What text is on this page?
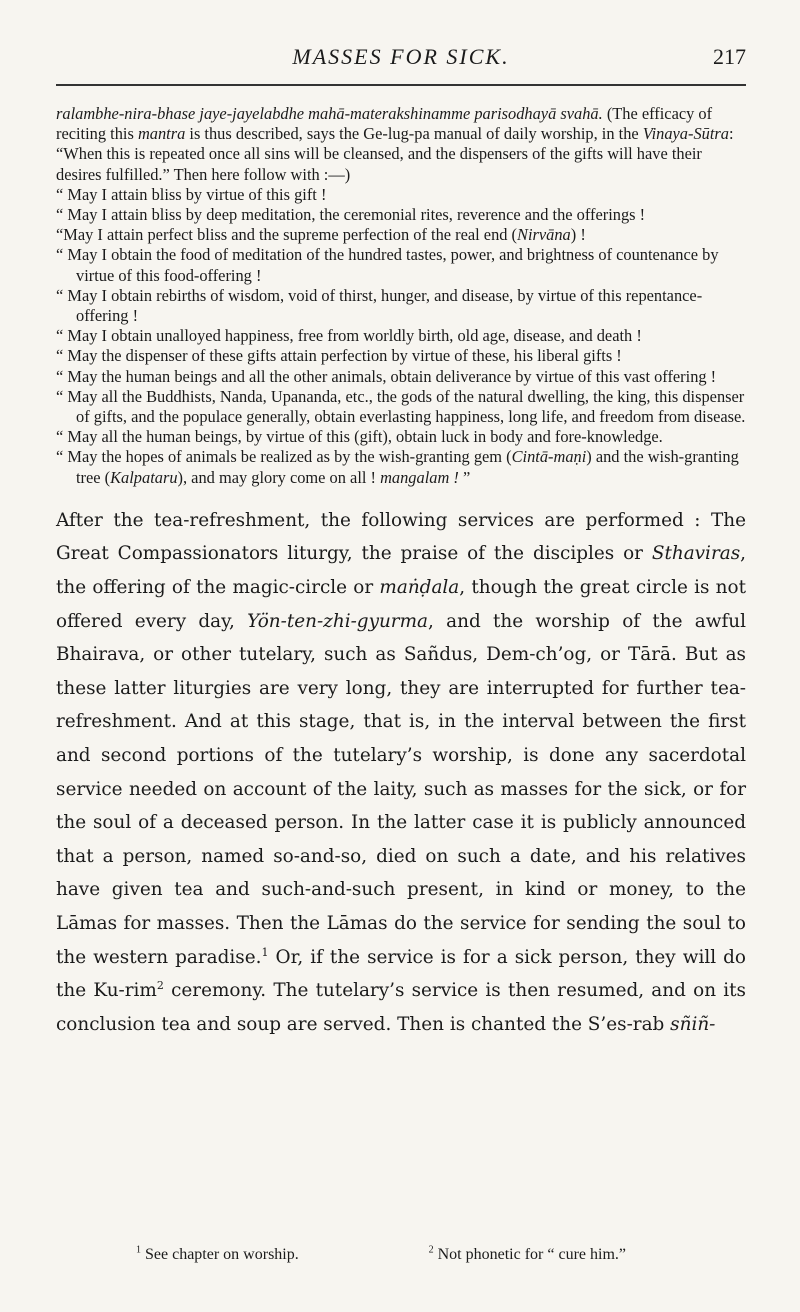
MASSES FOR SICK.	217

ralambhe-nira-bhase jaye-jayelabdhe mahā-materakshinamme parisodhayā svahā. (The efficacy of reciting this mantra is thus described, says the Ge-lug-pa manual of daily worship, in the Vinaya-Sūtra: “When this is repeated once all sins will be cleansed, and the dispensers of the gifts will have their desires fulfilled.” Then here follow with :—)

“ May I attain bliss by virtue of this gift !

“ May I attain bliss by deep meditation, the ceremonial rites, reverence and the offerings !

“May I attain perfect bliss and the supreme perfection of the real end (Nirvāna) !

“ May I obtain the food of meditation of the hundred tastes, power, and brightness of countenance by virtue of this food-offering !

“ May I obtain rebirths of wisdom, void of thirst, hunger, and disease, by virtue of this repentance-offering !

“ May I obtain unalloyed happiness, free from worldly birth, old age, disease, and death !

“ May the dispenser of these gifts attain perfection by virtue of these, his liberal gifts !

“ May the human beings and all the other animals, obtain deliverance by virtue of this vast offering !

“ May all the Buddhists, Nanda, Upananda, etc., the gods of the natural dwelling, the king, this dispenser of gifts, and the populace generally, obtain everlasting happiness, long life, and freedom from disease.

“ May all the human beings, by virtue of this (gift), obtain luck in body and fore-knowledge.

“ May the hopes of animals be realized as by the wish-granting gem (Cintā-maṇi) and the wish-granting tree (Kalpataru), and may glory come on all ! mangalam ! ”

After the tea-refreshment, the following services are performed : The Great Compassionators liturgy, the praise of the disciples or Sthaviras, the offering of the magic-circle or maṅḍala, though the great circle is not offered every day, Yön-ten-zhi-gyurma, and the worship of the awful Bhairava, or other tutelary, such as Sañdus, Dem-ch’og, or Tārā. But as these latter liturgies are very long, they are interrupted for further tea-refreshment. And at this stage, that is, in the interval between the first and second portions of the tutelary’s worship, is done any sacerdotal service needed on account of the laity, such as masses for the sick, or for the soul of a deceased person. In the latter case it is publicly announced that a person, named so-and-so, died on such a date, and his relatives have given tea and such-and-such present, in kind or money, to the Lāmas for masses. Then the Lāmas do the service for sending the soul to the western paradise.$^1$ Or, if the service is for a sick person, they will do the Ku-rim$^2$ ceremony. The tutelary’s service is then resumed, and on its conclusion tea and soup are served. Then is chanted the S’es-rab sñiñ-

$^1$ See chapter on worship.	$^2$ Not phonetic for “ cure him.”
